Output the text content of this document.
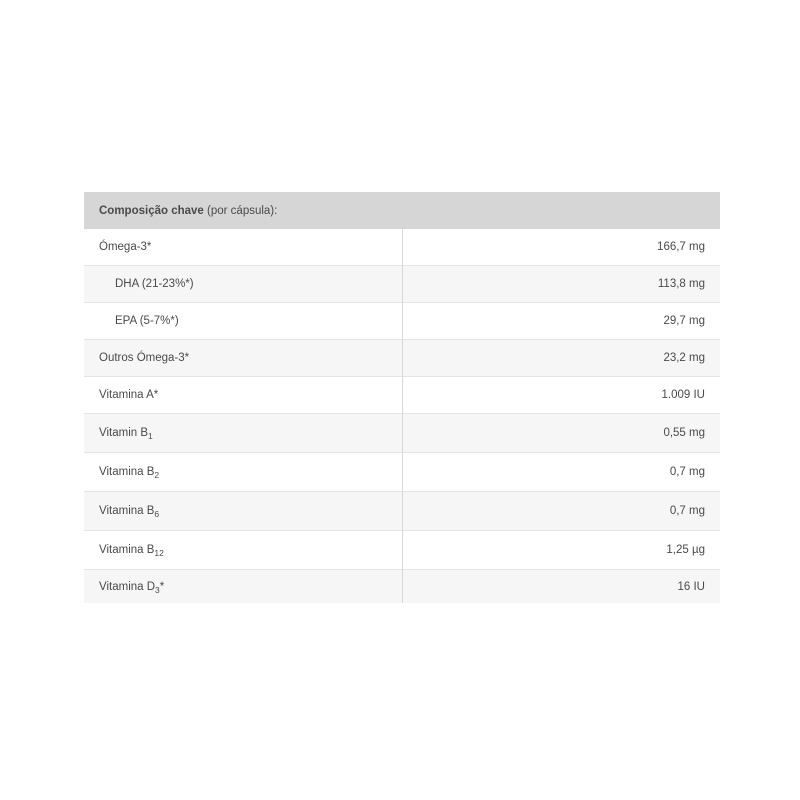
Composição chave (por cápsula):	
Ómega-3*	166,7 mg
DHA (21-23%*)	113,8 mg
EPA (5-7%*)	29,7 mg
Outros Ómega-3*	23,2 mg
Vitamina A*	1.009 IU
Vitamin $B_1$	0,55 mg
Vitamina $B_2$	0,7 mg
Vitamina $B_6$	0,7 mg
Vitamina $B_{12}$	1,25 µg
Vitamina $D_3*$	16 IU
